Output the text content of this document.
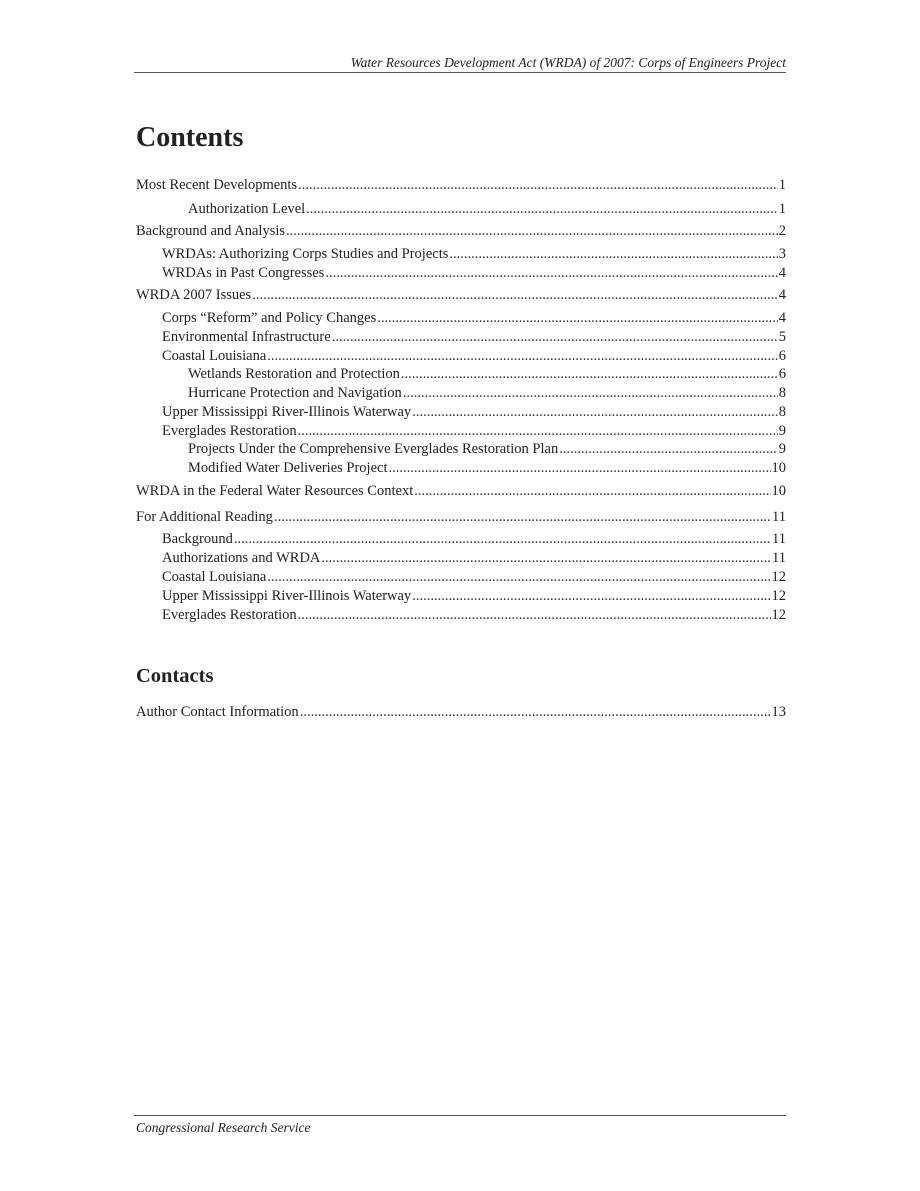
Water Resources Development Act (WRDA) of 2007: Corps of Engineers Project
Contents
Most Recent Developments .....	1
Authorization Level .....	1
Background and Analysis .....	2
WRDAs: Authorizing Corps Studies and Projects .....	3
WRDAs in Past Congresses .....	4
WRDA 2007 Issues .....	4
Corps “Reform” and Policy Changes .....	4
Environmental Infrastructure .....	5
Coastal Louisiana .....	6
Wetlands Restoration and Protection .....	6
Hurricane Protection and Navigation .....	8
Upper Mississippi River-Illinois Waterway .....	8
Everglades Restoration .....	9
Projects Under the Comprehensive Everglades Restoration Plan .....	9
Modified Water Deliveries Project .....	10
WRDA in the Federal Water Resources Context .....	10
For Additional Reading .....	11
Background .....	11
Authorizations and WRDA .....	11
Coastal Louisiana .....	12
Upper Mississippi River-Illinois Waterway .....	12
Everglades Restoration .....	12
Contacts
Author Contact Information .....	13
Congressional Research Service
